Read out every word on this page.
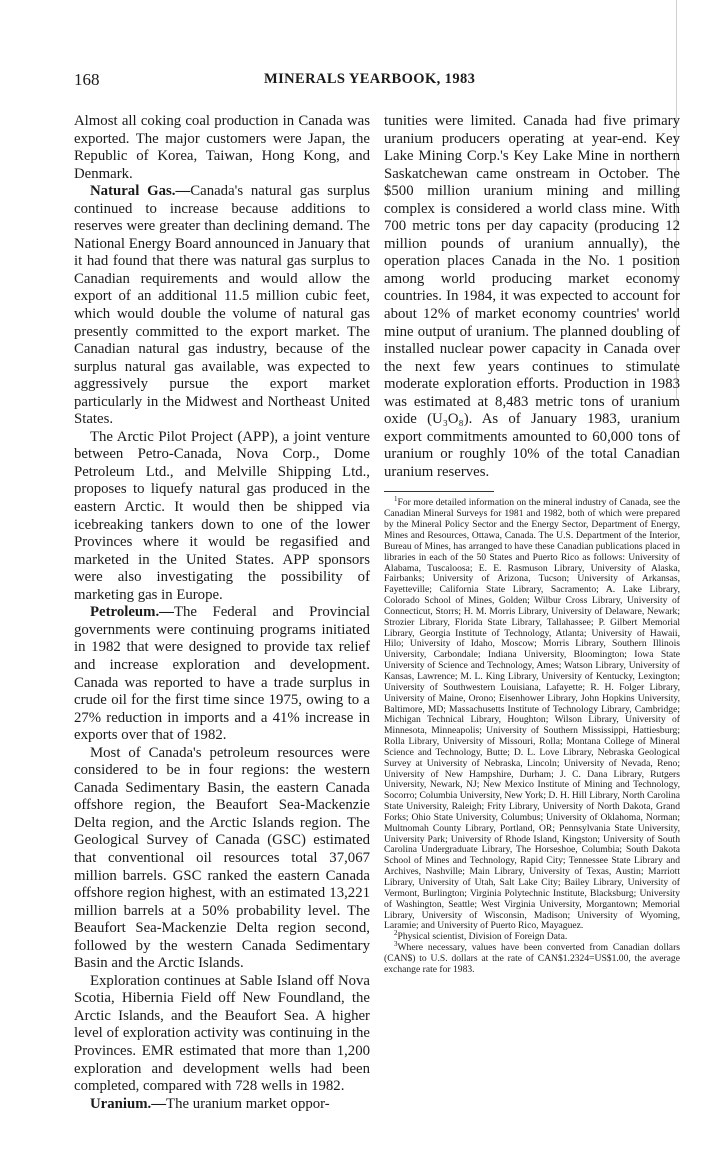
168	MINERALS YEARBOOK, 1983

Almost all coking coal production in Canada was exported. The major customers were Japan, the Republic of Korea, Taiwan, Hong Kong, and Denmark.

Natural Gas.—Canada's natural gas surplus continued to increase because additions to reserves were greater than declining demand. The National Energy Board announced in January that it had found that there was natural gas surplus to Canadian requirements and would allow the export of an additional 11.5 million cubic feet, which would double the volume of natural gas presently committed to the export market. The Canadian natural gas industry, because of the surplus natural gas available, was expected to aggressively pursue the export market particularly in the Midwest and Northeast United States.

The Arctic Pilot Project (APP), a joint venture between Petro-Canada, Nova Corp., Dome Petroleum Ltd., and Melville Shipping Ltd., proposes to liquefy natural gas produced in the eastern Arctic. It would then be shipped via icebreaking tankers down to one of the lower Provinces where it would be regasified and marketed in the United States. APP sponsors were also investigating the possibility of marketing gas in Europe.

Petroleum.—The Federal and Provincial governments were continuing programs initiated in 1982 that were designed to provide tax relief and increase exploration and development. Canada was reported to have a trade surplus in crude oil for the first time since 1975, owing to a 27% reduction in imports and a 41% increase in exports over that of 1982.

Most of Canada's petroleum resources were considered to be in four regions: the western Canada Sedimentary Basin, the eastern Canada offshore region, the Beaufort Sea-Mackenzie Delta region, and the Arctic Islands region. The Geological Survey of Canada (GSC) estimated that conventional oil resources total 37,067 million barrels. GSC ranked the eastern Canada offshore region highest, with an estimated 13,221 million barrels at a 50% probability level. The Beaufort Sea-Mackenzie Delta region second, followed by the western Canada Sedimentary Basin and the Arctic Islands.

Exploration continues at Sable Island off Nova Scotia, Hibernia Field off New Foundland, the Arctic Islands, and the Beaufort Sea. A higher level of exploration activity was continuing in the Provinces. EMR estimated that more than 1,200 exploration and development wells had been completed, compared with 728 wells in 1982.

Uranium.—The uranium market oppor-

tunities were limited. Canada had five primary uranium producers operating at year-end. Key Lake Mining Corp.'s Key Lake Mine in northern Saskatchewan came onstream in October. The $500 million uranium mining and milling complex is considered a world class mine. With 700 metric tons per day capacity (producing 12 million pounds of uranium annually), the operation places Canada in the No. 1 position among world producing market economy countries. In 1984, it was expected to account for about 12% of market economy countries' world mine output of uranium. The planned doubling of installed nuclear power capacity in Canada over the next few years continues to stimulate moderate exploration efforts. Production in 1983 was estimated at 8,483 metric tons of uranium oxide (U₃O₈). As of January 1983, uranium export commitments amounted to 60,000 tons of uranium or roughly 10% of the total Canadian uranium reserves.

$^1$For more detailed information on the mineral industry of Canada, see the Canadian Mineral Surveys for 1981 and 1982, both of which were prepared by the Mineral Policy Sector and the Energy Sector, Department of Energy, Mines and Resources, Ottawa, Canada. The U.S. Department of the Interior, Bureau of Mines, has arranged to have these Canadian publications placed in libraries in each of the 50 States and Puerto Rico as follows: University of Alabama, Tuscaloosa; E. E. Rasmuson Library, University of Alaska, Fairbanks; University of Arizona, Tucson; University of Arkansas, Fayetteville; California State Library, Sacramento; A. Lake Library, Colorado School of Mines, Golden; Wilbur Cross Library, University of Connecticut, Storrs; H. M. Morris Library, University of Delaware, Newark; Strozier Library, Florida State Library, Tallahassee; P. Gilbert Memorial Library, Georgia Institute of Technology, Atlanta; University of Hawaii, Hilo; University of Idaho, Moscow; Morris Library, Southern Illinois University, Carbondale; Indiana University, Bloomington; Iowa State University of Science and Technology, Ames; Watson Library, University of Kansas, Lawrence; M. L. King Library, University of Kentucky, Lexington; University of Southwestern Louisiana, Lafayette; R. H. Folger Library, University of Maine, Orono; Eisenhower Library, John Hopkins University, Baltimore, MD; Massachusetts Institute of Technology Library, Cambridge; Michigan Technical Library, Houghton; Wilson Library, University of Minnesota, Minneapolis; University of Southern Mississippi, Hattiesburg; Rolla Library, University of Missouri, Rolla; Montana College of Mineral Science and Technology, Butte; D. L. Love Library, Nebraska Geological Survey at University of Nebraska, Lincoln; University of Nevada, Reno; University of New Hampshire, Durham; J. C. Dana Library, Rutgers University, Newark, NJ; New Mexico Institute of Mining and Technology, Socorro; Columbia University, New York; D. H. Hill Library, North Carolina State University, Raleigh; Frity Library, University of North Dakota, Grand Forks; Ohio State University, Columbus; University of Oklahoma, Norman; Multnomah County Library, Portland, OR; Pennsylvania State University, University Park; University of Rhode Island, Kingston; University of South Carolina Undergraduate Library, The Horseshoe, Columbia; South Dakota School of Mines and Technology, Rapid City; Tennessee State Library and Archives, Nashville; Main Library, University of Texas, Austin; Marriott Library, University of Utah, Salt Lake City; Bailey Library, University of Vermont, Burlington; Virginia Polytechnic Institute, Blacksburg; University of Washington, Seattle; West Virginia University, Morgantown; Memorial Library, University of Wisconsin, Madison; University of Wyoming, Laramie; and University of Puerto Rico, Mayaguez.

$^2$Physical scientist, Division of Foreign Data.

$^3$Where necessary, values have been converted from Canadian dollars (CAN$) to U.S. dollars at the rate of CAN$1.2324=US$1.00, the average exchange rate for 1983.
